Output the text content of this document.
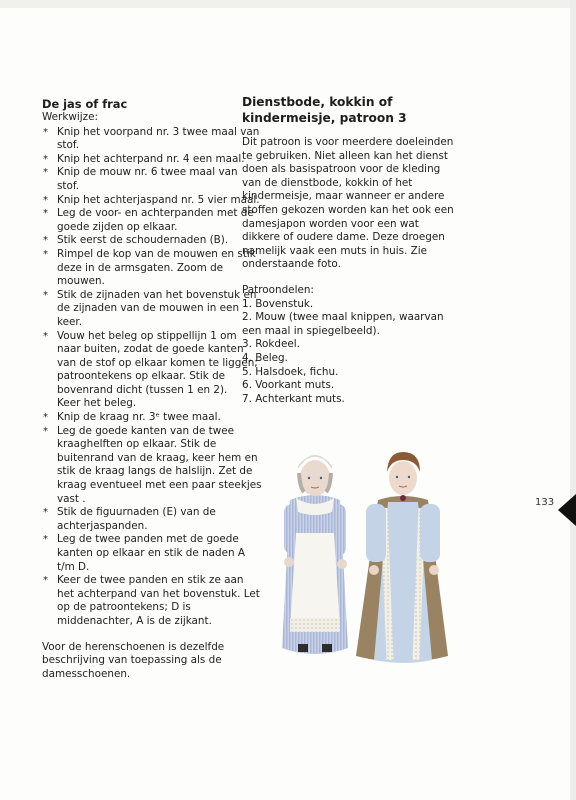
De jas of frac
Werkwijze:
* Knip het voorpand nr. 3 twee maal van stof.
* Knip het achterpand nr. 4 een maal.
* Knip de mouw nr. 6 twee maal van stof.
* Knip het achterjaspand nr. 5 vier maal.
* Leg de voor- en achterpanden met de goede zijden op elkaar.
* Stik eerst de schoudernaden (B).
* Rimpel de kop van de mouwen en stik deze in de armsgaten. Zoom de mouwen.
* Stik de zijnaden van het bovenstuk en de zijnaden van de mouwen in een keer.
* Vouw het beleg op stippellijn 1 om naar buiten, zodat de goede kanten van de stof op elkaar komen te liggen; patroontekens op elkaar. Stik de bovenrand dicht (tussen 1 en 2).
Keer het beleg.
* Knip de kraag nr. 3ᵉ twee maal.
* Leg de goede kanten van de twee kraaghelften op elkaar. Stik de buitenrand van de kraag, keer hem en stik de kraag langs de halslijn. Zet de kraag eventueel met een paar steekjes vast .
* Stik de figuurnaden (E) van de achterjaspanden.
* Leg de twee panden met de goede kanten op elkaar en stik de naden A t/m D.
* Keer de twee panden en stik ze aan het achterpand van het bovenstuk. Let op de patroontekens; D is middenachter, A is de zijkant.

Voor de herenschoenen is dezelfde beschrijving van toepassing als de damesschoenen.

Dienstbode, kokkin of kindermeisje, patroon 3

Dit patroon is voor meerdere doeleinden te gebruiken. Niet alleen kan het dienst doen als basispatroon voor de kleding van de dienstbode, kokkin of het kindermeisje, maar wanneer er andere stoffen gekozen worden kan het ook een damesjapon worden voor een wat dikkere of oudere dame. Deze droegen namelijk vaak een muts in huis. Zie onderstaande foto.

Patroondelen:
1. Bovenstuk.
2. Mouw (twee maal knippen, waarvan een maal in spiegelbeeld).
3. Rokdeel.
4. Beleg.
5. Halsdoek, fichu.
6. Voorkant muts.
7. Achterkant muts.
133
